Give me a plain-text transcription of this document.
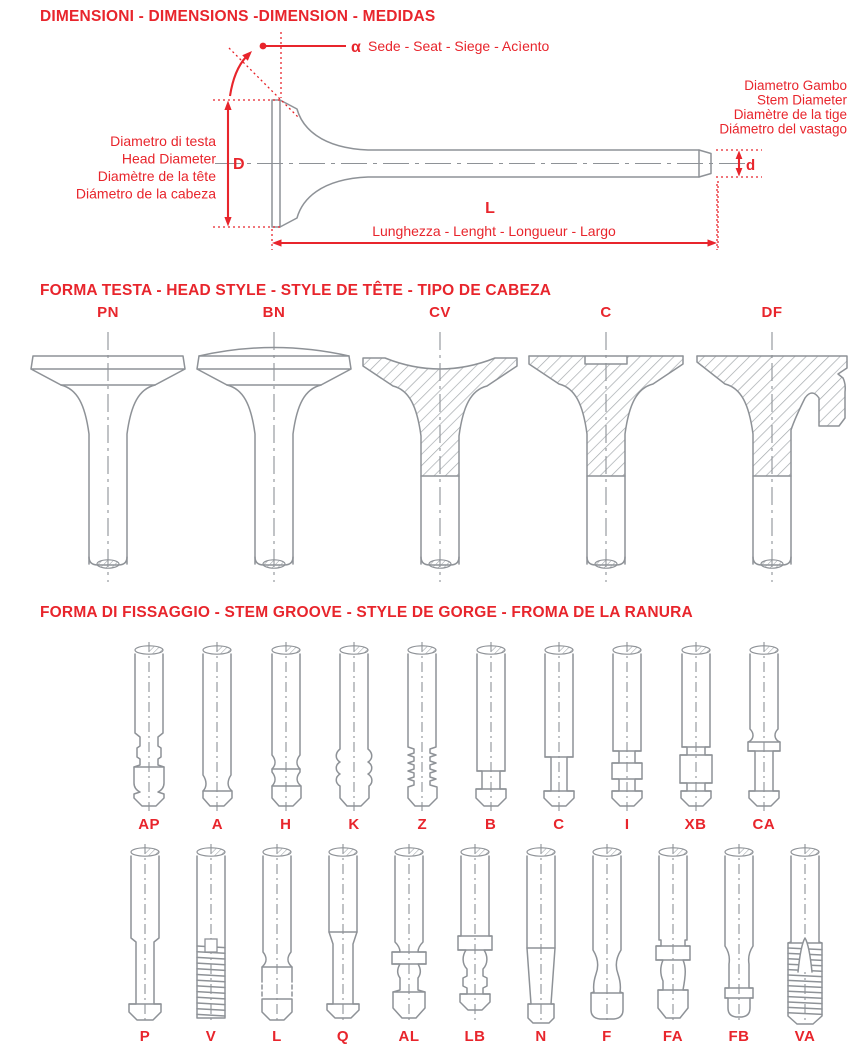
DIMENSIONI - DIMENSIONS -DIMENSION - MEDIDAS
α Sede - Seat - Siege - Acìento
Diametro di testa
Head Diameter
Diamètre de la tête
Diámetro de la cabeza
D
Diametro Gambo
Stem Diameter
Diamètre de la tige
Diámetro del vastago
d
L
Lunghezza - Lenght - Longueur - Largo
FORMA TESTA - HEAD STYLE - STYLE DE TÊTE - TIPO DE CABEZA
PN	BN	CV	C	DF
FORMA DI FISSAGGIO - STEM GROOVE - STYLE DE GORGE - FROMA DE LA RANURA
AP	A	H	K	Z	B	C	I	XB	CA
P	V	L	Q	AL	LB	N	F	FA	FB	VA
